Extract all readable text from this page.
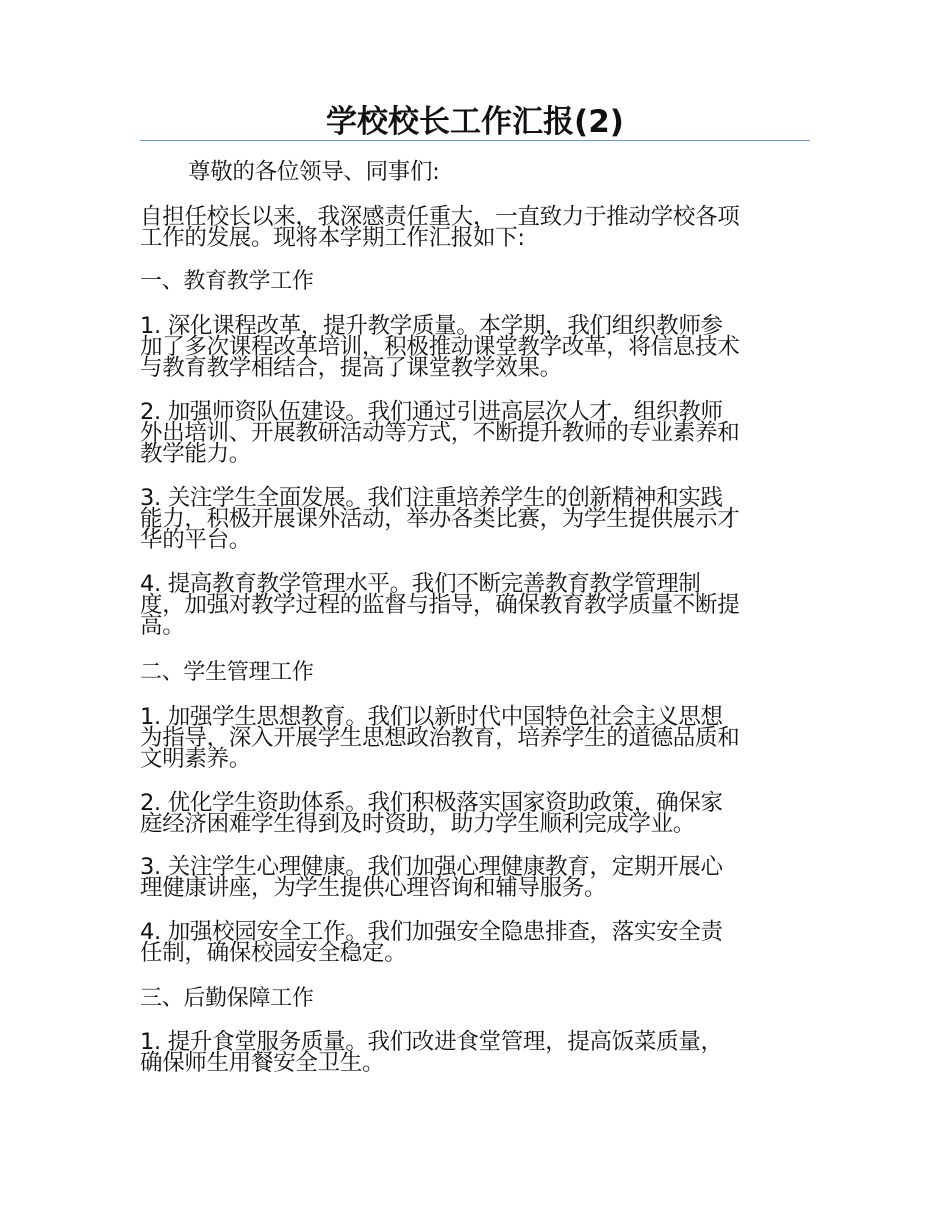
学校校长工作汇报(2)
尊敬的各位领导、同事们:
自担任校长以来，我深感责任重大，一直致力于推动学校各项
工作的发展。现将本学期工作汇报如下:
一、教育教学工作
1. 深化课程改革，提升教学质量。本学期，我们组织教师参
加了多次课程改革培训，积极推动课堂教学改革，将信息技术
与教育教学相结合，提高了课堂教学效果。
2. 加强师资队伍建设。我们通过引进高层次人才，组织教师
外出培训、开展教研活动等方式，不断提升教师的专业素养和
教学能力。
3. 关注学生全面发展。我们注重培养学生的创新精神和实践
能力，积极开展课外活动，举办各类比赛，为学生提供展示才
华的平台。
4. 提高教育教学管理水平。我们不断完善教育教学管理制
度，加强对教学过程的监督与指导，确保教育教学质量不断提
高。
二、学生管理工作
1. 加强学生思想教育。我们以新时代中国特色社会主义思想
为指导，深入开展学生思想政治教育，培养学生的道德品质和
文明素养。
2. 优化学生资助体系。我们积极落实国家资助政策，确保家
庭经济困难学生得到及时资助，助力学生顺利完成学业。
3. 关注学生心理健康。我们加强心理健康教育，定期开展心
理健康讲座，为学生提供心理咨询和辅导服务。
4. 加强校园安全工作。我们加强安全隐患排查，落实安全责
任制，确保校园安全稳定。
三、后勤保障工作
1. 提升食堂服务质量。我们改进食堂管理，提高饭菜质量，
确保师生用餐安全卫生。
